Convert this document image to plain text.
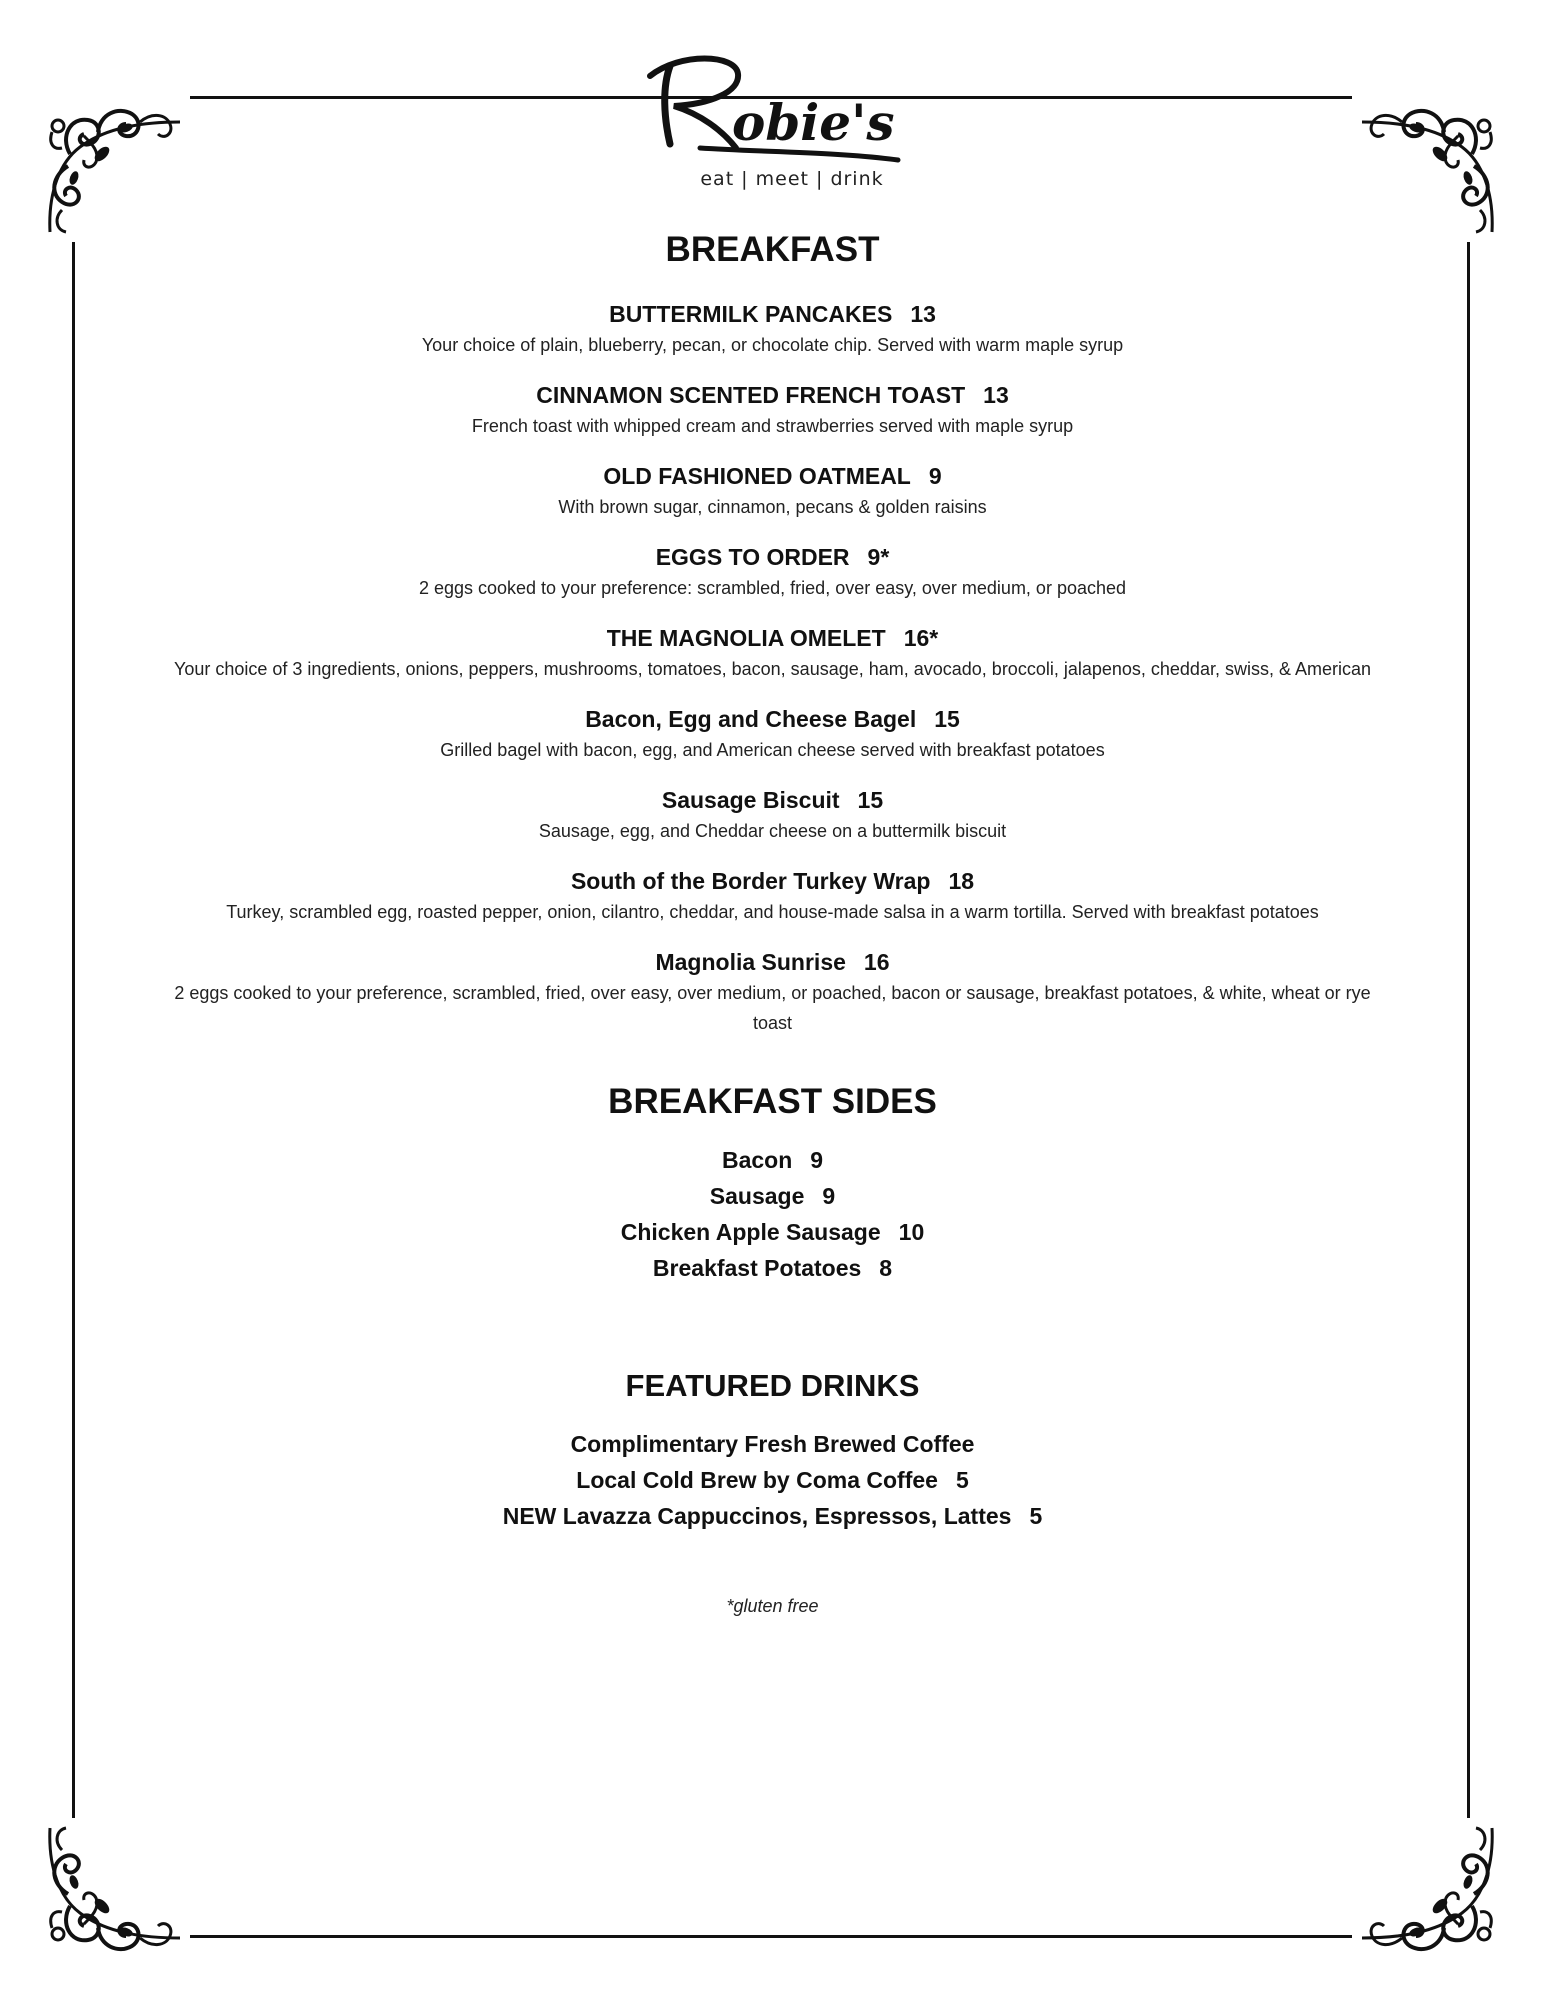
obie's
eat | meet | drink
BREAKFAST
BUTTERMILK PANCAKES 13
Your choice of plain, blueberry, pecan, or chocolate chip. Served with warm maple syrup
CINNAMON SCENTED FRENCH TOAST 13
French toast with whipped cream and strawberries served with maple syrup
OLD FASHIONED OATMEAL 9
With brown sugar, cinnamon, pecans & golden raisins
EGGS TO ORDER 9*
2 eggs cooked to your preference: scrambled, fried, over easy, over medium, or poached
THE MAGNOLIA OMELET 16*
Your choice of 3 ingredients, onions, peppers, mushrooms, tomatoes, bacon, sausage, ham, avocado, broccoli, jalapenos, cheddar, swiss, & American
Bacon, Egg and Cheese Bagel 15
Grilled bagel with bacon, egg, and American cheese served with breakfast potatoes
Sausage Biscuit 15
Sausage, egg, and Cheddar cheese on a buttermilk biscuit
South of the Border Turkey Wrap 18
Turkey, scrambled egg, roasted pepper, onion, cilantro, cheddar, and house-made salsa in a warm tortilla. Served with breakfast potatoes
Magnolia Sunrise 16
2 eggs cooked to your preference, scrambled, fried, over easy, over medium, or poached, bacon or sausage, breakfast potatoes, & white, wheat or rye toast
BREAKFAST SIDES
Bacon 9
Sausage 9
Chicken Apple Sausage 10
Breakfast Potatoes 8
FEATURED DRINKS
Complimentary Fresh Brewed Coffee
Local Cold Brew by Coma Coffee 5
NEW Lavazza Cappuccinos, Espressos, Lattes 5
*gluten free
